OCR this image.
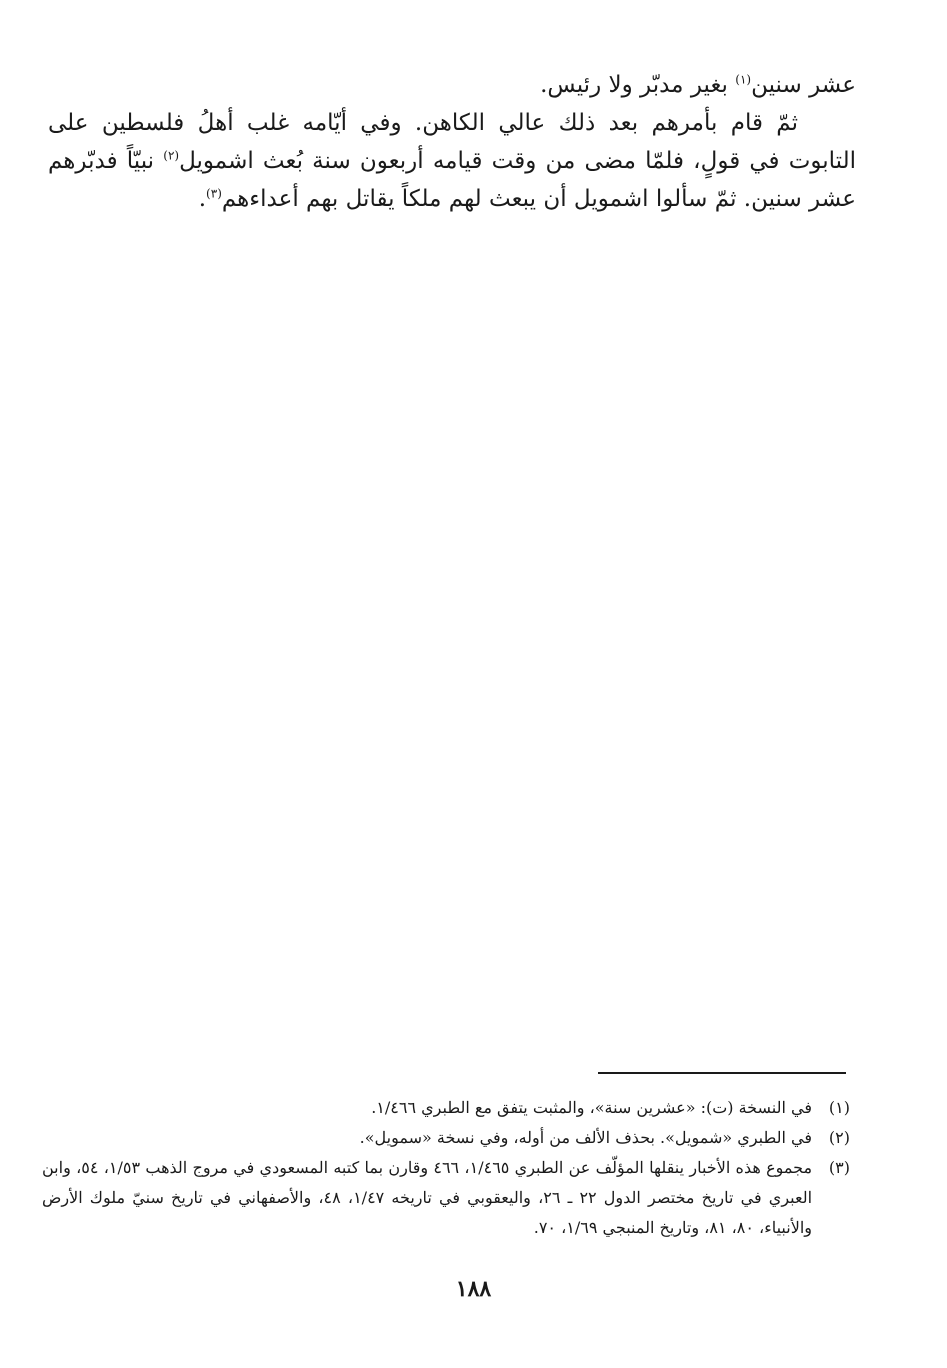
عشر سنين$^{(١)}$ بغير مدبّر ولا رئيس.

ثمّ قام بأمرهم بعد ذلك عالي الكاهن. وفي أيّامه غلب أهلُ فلسطين على التابوت في قولٍ، فلمّا مضى من وقت قيامه أربعون سنة بُعث اشمويل$^{(٢)}$ نبيّاً فدبّرهم عشر سنين. ثمّ سألوا اشمويل أن يبعث لهم ملكاً يقاتل بهم أعداءهم$^{(٣)}$.

(١)
في النسخة (ت): «عشرين سنة»، والمثبت يتفق مع الطبري ١/٤٦٦.
(٢)
في الطبري «شمويل». بحذف الألف من أوله، وفي نسخة «سمويل».
(٣)
مجموع هذه الأخبار ينقلها المؤلّف عن الطبري ١/٤٦٥، ٤٦٦ وقارن بما كتبه المسعودي في مروج الذهب ١/٥٣، ٥٤، وابن العبري في تاريخ مختصر الدول ٢٢ ـ ٢٦، واليعقوبي في تاريخه ١/٤٧، ٤٨، والأصفهاني في تاريخ سنيّ ملوك الأرض والأنبياء، ٨٠، ٨١، وتاريخ المنبجي ١/٦٩، ٧٠.
١٨٨
